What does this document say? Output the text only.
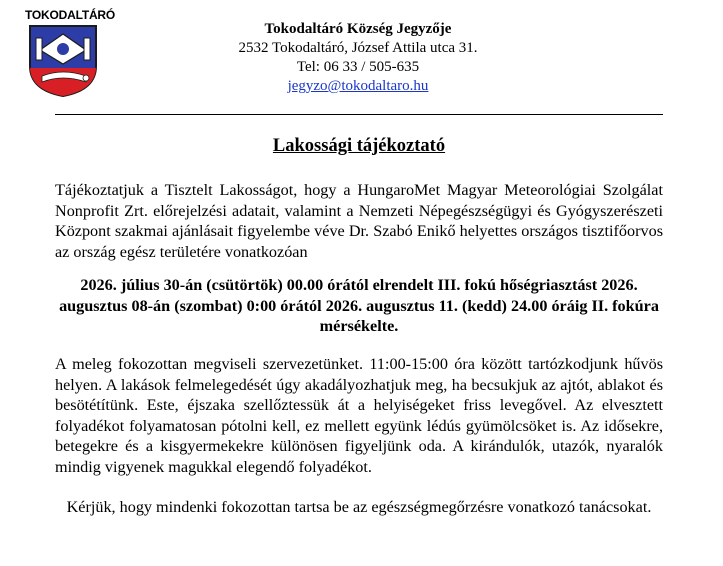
TOKODALTÁRÓ
Tokodaltáró Község Jegyzője
2532 Tokodaltáró, József Attila utca 31.
Tel: 06 33 / 505-635
jegyzo@tokodaltaro.hu
Lakossági tájékoztató
Tájékoztatjuk a Tisztelt Lakosságot, hogy a HungaroMet Magyar Meteorológiai Szolgálat Nonprofit Zrt. előrejelzési adatait, valamint a Nemzeti Népegészségügyi és Gyógyszerészeti Központ szakmai ajánlásait figyelembe véve Dr. Szabó Enikő helyettes országos tisztifőorvos az ország egész területére vonatkozóan
2026. július 30-án (csütörtök) 00.00 órától elrendelt III. fokú hőségriasztást 2026. augusztus 08-án (szombat) 0:00 órától 2026. augusztus 11. (kedd) 24.00 óráig II. fokúra mérsékelte.
A meleg fokozottan megviseli szervezetünket. 11:00-15:00 óra között tartózkodjunk hűvös helyen. A lakások felmelegedését úgy akadályozhatjuk meg, ha becsukjuk az ajtót, ablakot és besötétítünk. Este, éjszaka szellőztessük át a helyiségeket friss levegővel. Az elvesztett folyadékot folyamatosan pótolni kell, ez mellett együnk lédús gyümölcsöket is. Az idősekre, betegekre és a kisgyermekekre különösen figyeljünk oda. A kirándulók, utazók, nyaralók mindig vigyenek magukkal elegendő folyadékot.
Kérjük, hogy mindenki fokozottan tartsa be az egészségmegőrzésre vonatkozó tanácsokat.
